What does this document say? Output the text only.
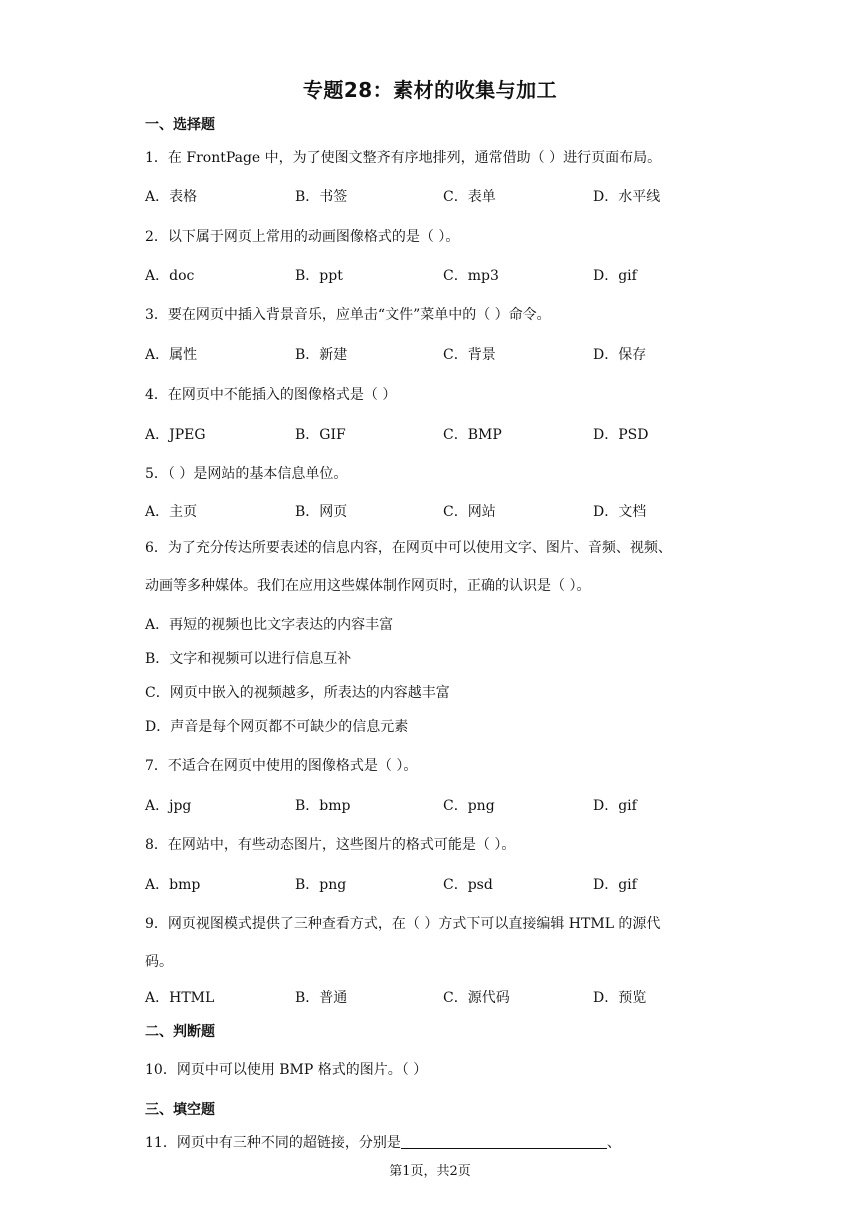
专题28：素材的收集与加工
一、选择题
1．在 FrontPage 中，为了使图文整齐有序地排列，通常借助（ ）进行页面布局。
A．表格	B．书签	C．表单	D．水平线
2．以下属于网页上常用的动画图像格式的是（ ）。
A．doc	B．ppt	C．mp3	D．gif
3．要在网页中插入背景音乐，应单击“文件”菜单中的（ ）命令。
A．属性	B．新建	C．背景	D．保存
4．在网页中不能插入的图像格式是（ ）
A．JPEG	B．GIF	C．BMP	D．PSD
5．（ ）是网站的基本信息单位。
A．主页	B．网页	C．网站	D．文档
6．为了充分传达所要表述的信息内容，在网页中可以使用文字、图片、音频、视频、
动画等多种媒体。我们在应用这些媒体制作网页时，正确的认识是（ ）。
A．再短的视频也比文字表达的内容丰富
B．文字和视频可以进行信息互补
C．网页中嵌入的视频越多，所表达的内容越丰富
D．声音是每个网页都不可缺少的信息元素
7．不适合在网页中使用的图像格式是（ ）。
A．jpg	B．bmp	C．png	D．gif
8．在网站中，有些动态图片，这些图片的格式可能是（ ）。
A．bmp	B．png	C．psd	D．gif
9．网页视图模式提供了三种查看方式，在（ ）方式下可以直接编辑 HTML 的源代
码。
A．HTML	B．普通	C．源代码	D．预览
二、判断题
10．网页中可以使用 BMP 格式的图片。（ ）
三、填空题
11．网页中有三种不同的超链接，分别是	、
第1页，共2页
